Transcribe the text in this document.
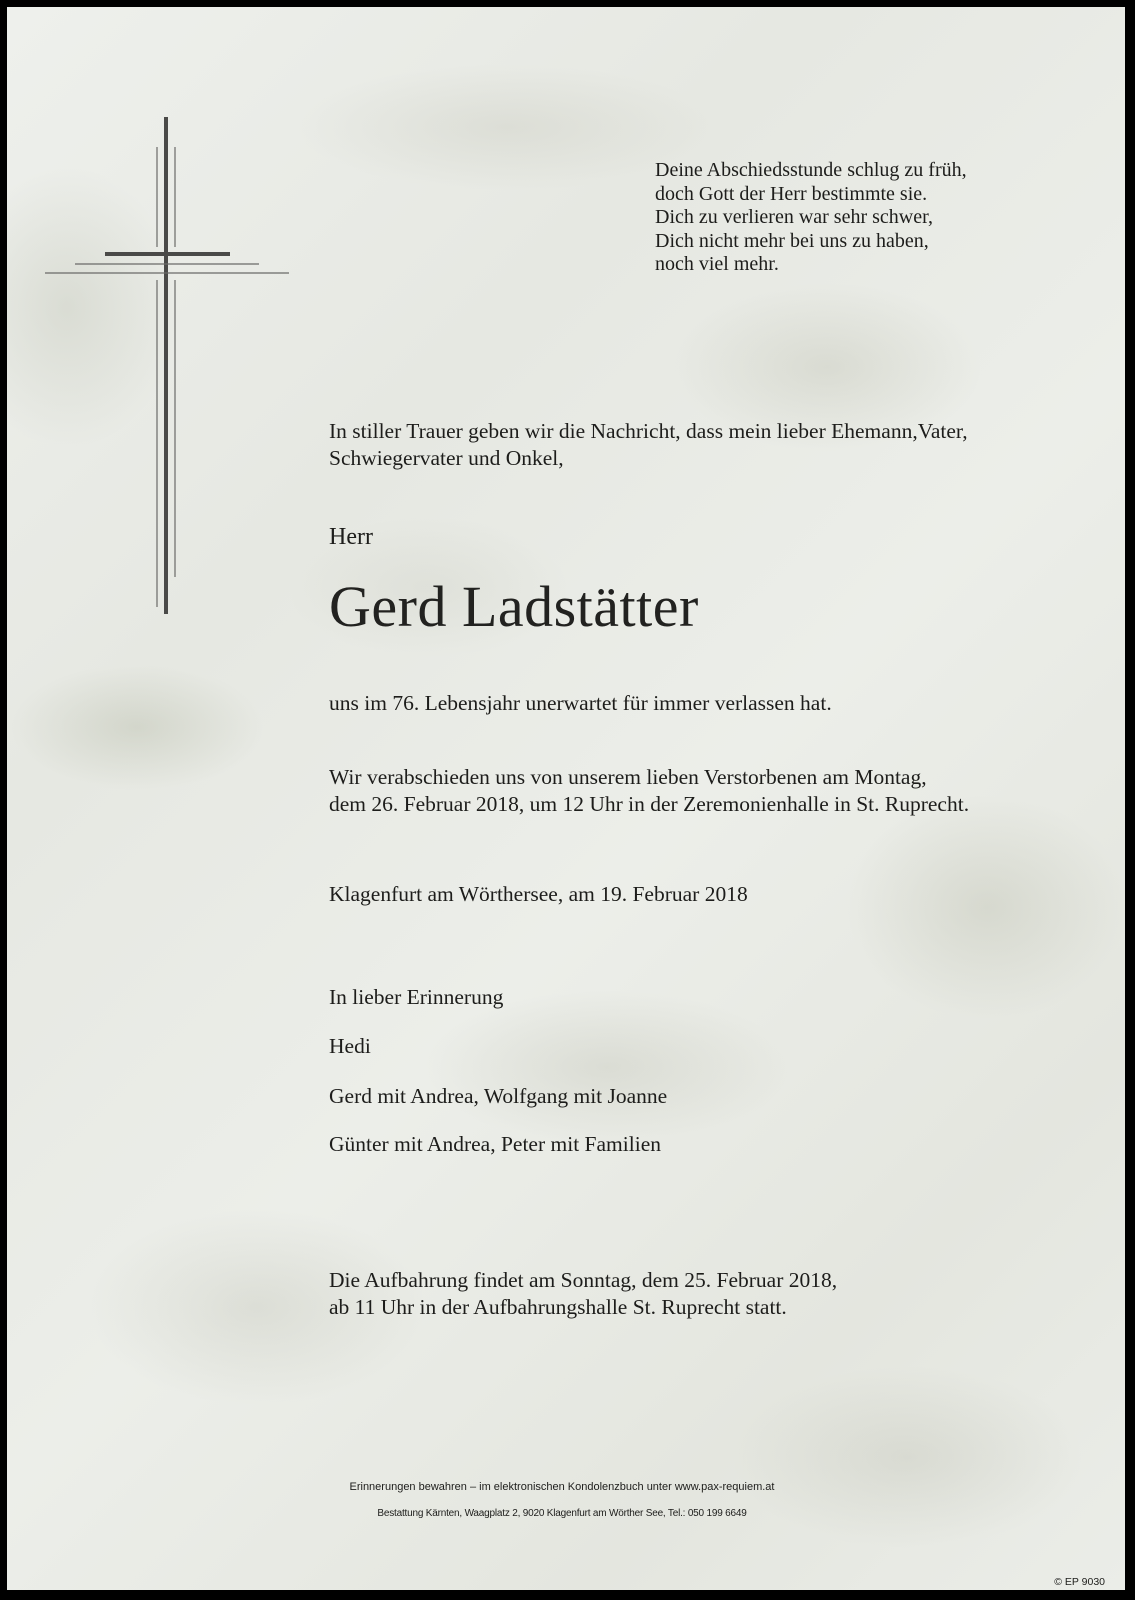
Deine Abschiedsstunde schlug zu früh,
doch Gott der Herr bestimmte sie.
Dich zu verlieren war sehr schwer,
Dich nicht mehr bei uns zu haben,
noch viel mehr.
In stiller Trauer geben wir die Nachricht, dass mein lieber Ehemann,Vater,
Schwiegervater und Onkel,
Herr
Gerd Ladstätter
uns im 76. Lebensjahr unerwartet für immer verlassen hat.
Wir verabschieden uns von unserem lieben Verstorbenen am Montag,
dem 26. Februar 2018, um 12 Uhr in der Zeremonienhalle in St. Ruprecht.
Klagenfurt am Wörthersee, am 19. Februar 2018
In lieber Erinnerung
Hedi
Gerd mit Andrea, Wolfgang mit Joanne
Günter mit Andrea, Peter mit Familien
Die Aufbahrung findet am Sonntag, dem 25. Februar 2018,
ab 11 Uhr in der Aufbahrungshalle St. Ruprecht statt.
Erinnerungen bewahren – im elektronischen Kondolenzbuch unter www.pax-requiem.at
Bestattung Kärnten, Waagplatz 2, 9020 Klagenfurt am Wörther See, Tel.: 050 199 6649
© EP 9030
